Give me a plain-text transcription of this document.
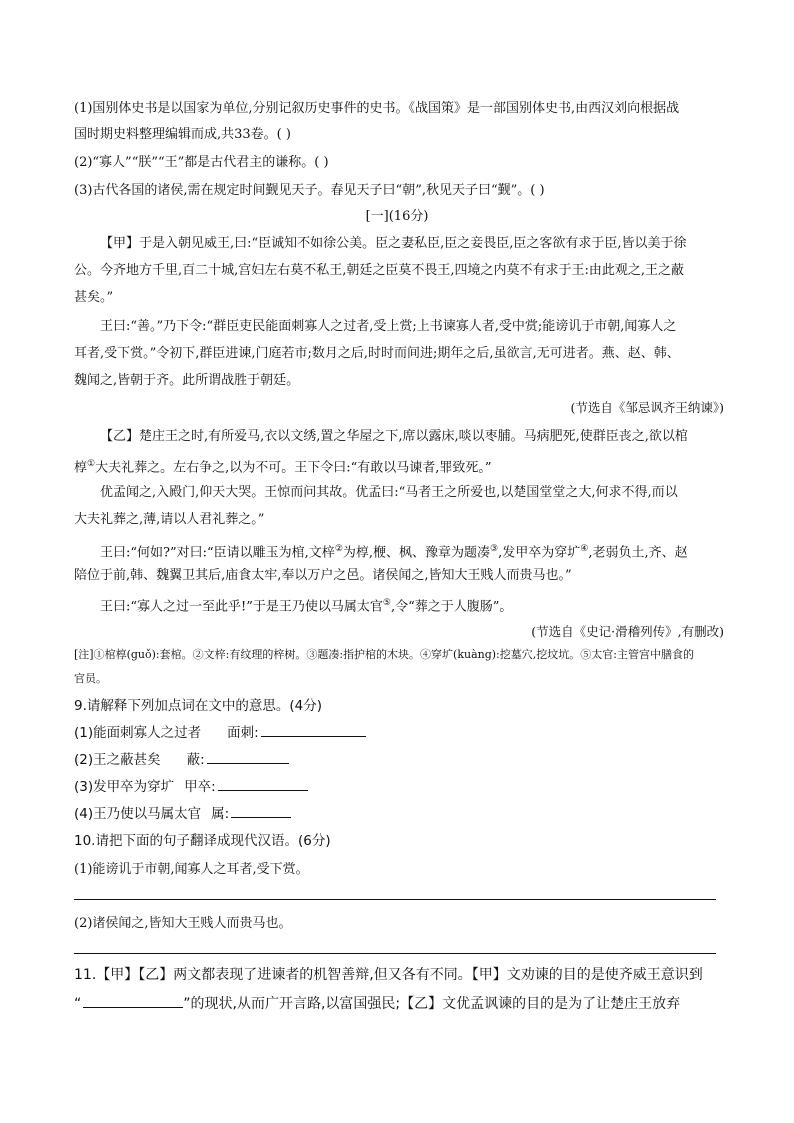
(1)国别体史书是以国家为单位,分别记叙历史事件的史书。《战国策》是一部国别体史书,由西汉刘向根据战

国时期史料整理编辑而成,共33卷。( )

(2)“寡人”“朕”“王”都是古代君主的谦称。( )

(3)古代各国的诸侯,需在规定时间觐见天子。春见天子曰“朝”,秋见天子曰“觐”。( )

[一](16分)

【甲】于是入朝见威王,曰:“臣诚知不如徐公美。臣之妻私臣,臣之妾畏臣,臣之客欲有求于臣,皆以美于徐

公。今齐地方千里,百二十城,宫妇左右莫不私王,朝廷之臣莫不畏王,四境之内莫不有求于王:由此观之,王之蔽

甚矣。”

王曰:“善。”乃下令:“群臣吏民能面刺寡人之过者,受上赏;上书谏寡人者,受中赏;能谤讥于市朝,闻寡人之

耳者,受下赏。”令初下,群臣进谏,门庭若市;数月之后,时时而间进;期年之后,虽欲言,无可进者。燕、赵、韩、

魏闻之,皆朝于齐。此所谓战胜于朝廷。

(节选自《邹忌讽齐王纳谏》)

【乙】楚庄王之时,有所爱马,衣以文绣,置之华屋之下,席以露床,啖以枣脯。马病肥死,使群臣丧之,欲以棺

椁①大夫礼葬之。左右争之,以为不可。王下令曰:“有敢以马谏者,罪致死。”

优孟闻之,入殿门,仰天大哭。王惊而问其故。优孟曰:“马者王之所爱也,以楚国堂堂之大,何求不得,而以

大夫礼葬之,薄,请以人君礼葬之。”

王曰:“何如?”对曰:“臣请以雕玉为棺,文梓②为椁,楩、枫、豫章为题凑③,发甲卒为穿圹④,老弱负土,齐、赵

陪位于前,韩、魏翼卫其后,庙食太牢,奉以万户之邑。诸侯闻之,皆知大王贱人而贵马也。”

王曰:“寡人之过一至此乎!”于是王乃使以马属太官⑤,令“葬之于人腹肠”。

(节选自《史记·滑稽列传》,有删改)
[注]①棺椁(guǒ):套棺。②文梓:有纹理的梓树。③题凑:指护棺的木块。④穿圹(kuàng):挖墓穴,挖坟坑。⑤太官:主管宫中膳食的
官员。
9.请解释下列加点词在文中的意思。(4分)
(1)能面刺寡人之过者 面刺:
(2)王之蔽甚矣 蔽:
(3)发甲卒为穿圹 甲卒:
(4)王乃使以马属太官 属:
10.请把下面的句子翻译成现代汉语。(6分)

(1)能谤讥于市朝,闻寡人之耳者,受下赏。

(2)诸侯闻之,皆知大王贱人而贵马也。

11.【甲】【乙】两文都表现了进谏者的机智善辩,但又各有不同。【甲】文劝谏的目的是使齐威王意识到
“	”的现状,从而广开言路,以富国强民;【乙】文优孟讽谏的目的是为了让楚庄王放弃
